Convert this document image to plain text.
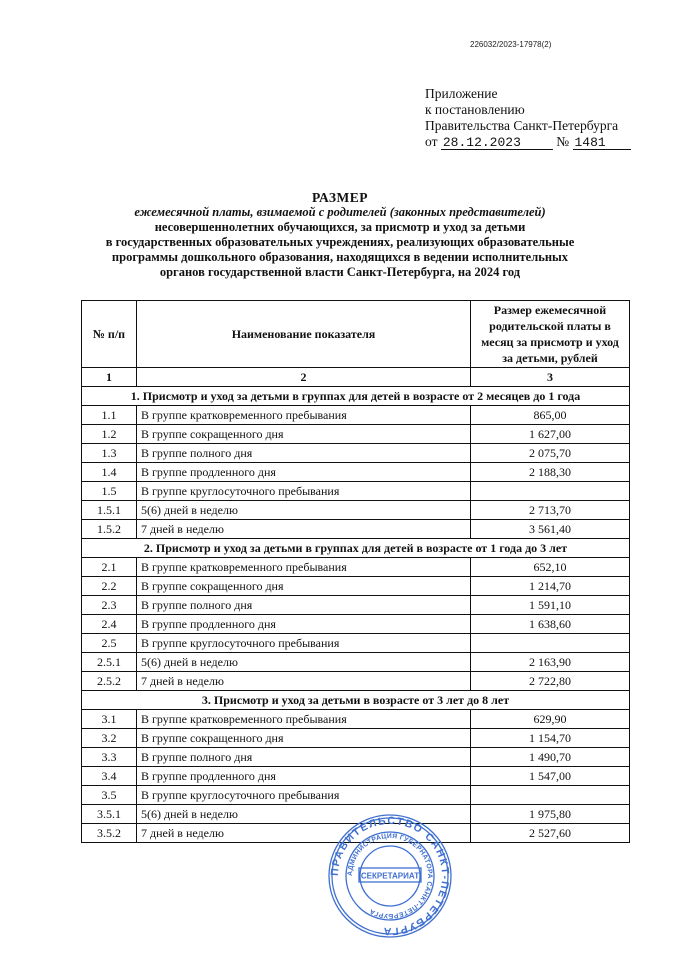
226032/2023-17978(2)
Приложение
к постановлению
Правительства Санкт-Петербурга
от 28.12.2023	№ 1481
РАЗМЕР
ежемесячной платы, взимаемой с родителей (законных представителей)
несовершеннолетних обучающихся, за присмотр и уход за детьми
в государственных образовательных учреждениях, реализующих образовательные
программы дошкольного образования, находящихся в ведении исполнительных
органов государственной власти Санкт-Петербурга, на 2024 год
№ п/п	Наименование показателя	Размер ежемесячной родительской платы в месяц за присмотр и уход за детьми, рублей
1	2	3
1. Присмотр и уход за детьми в группах для детей в возрасте от 2 месяцев до 1 года		
1.1	В группе кратковременного пребывания	865,00
1.2	В группе сокращенного дня	1 627,00
1.3	В группе полного дня	2 075,70
1.4	В группе продленного дня	2 188,30
1.5	В группе круглосуточного пребывания	
1.5.1	5(6) дней в неделю	2 713,70
1.5.2	7 дней в неделю	3 561,40
2. Присмотр и уход за детьми в группах для детей в возрасте от 1 года до 3 лет		
2.1	В группе кратковременного пребывания	652,10
2.2	В группе сокращенного дня	1 214,70
2.3	В группе полного дня	1 591,10
2.4	В группе продленного дня	1 638,60
2.5	В группе круглосуточного пребывания	
2.5.1	5(6) дней в неделю	2 163,90
2.5.2	7 дней в неделю	2 722,80
3. Присмотр и уход за детьми в возрасте от 3 лет до 8 лет		
3.1	В группе кратковременного пребывания	629,90
3.2	В группе сокращенного дня	1 154,70
3.3	В группе полного дня	1 490,70
3.4	В группе продленного дня	1 547,00
3.5	В группе круглосуточного пребывания	
3.5.1	5(6) дней в неделю	1 975,80
3.5.2	7 дней в неделю	2 527,60
ПРАВИТЕЛЬСТВО САНКТ-ПЕТЕРБУРГА
АДМИНИСТРАЦИЯ ГУБЕРНАТОРА САНКТ-ПЕТЕРБУРГА
СЕКРЕТАРИАТ
